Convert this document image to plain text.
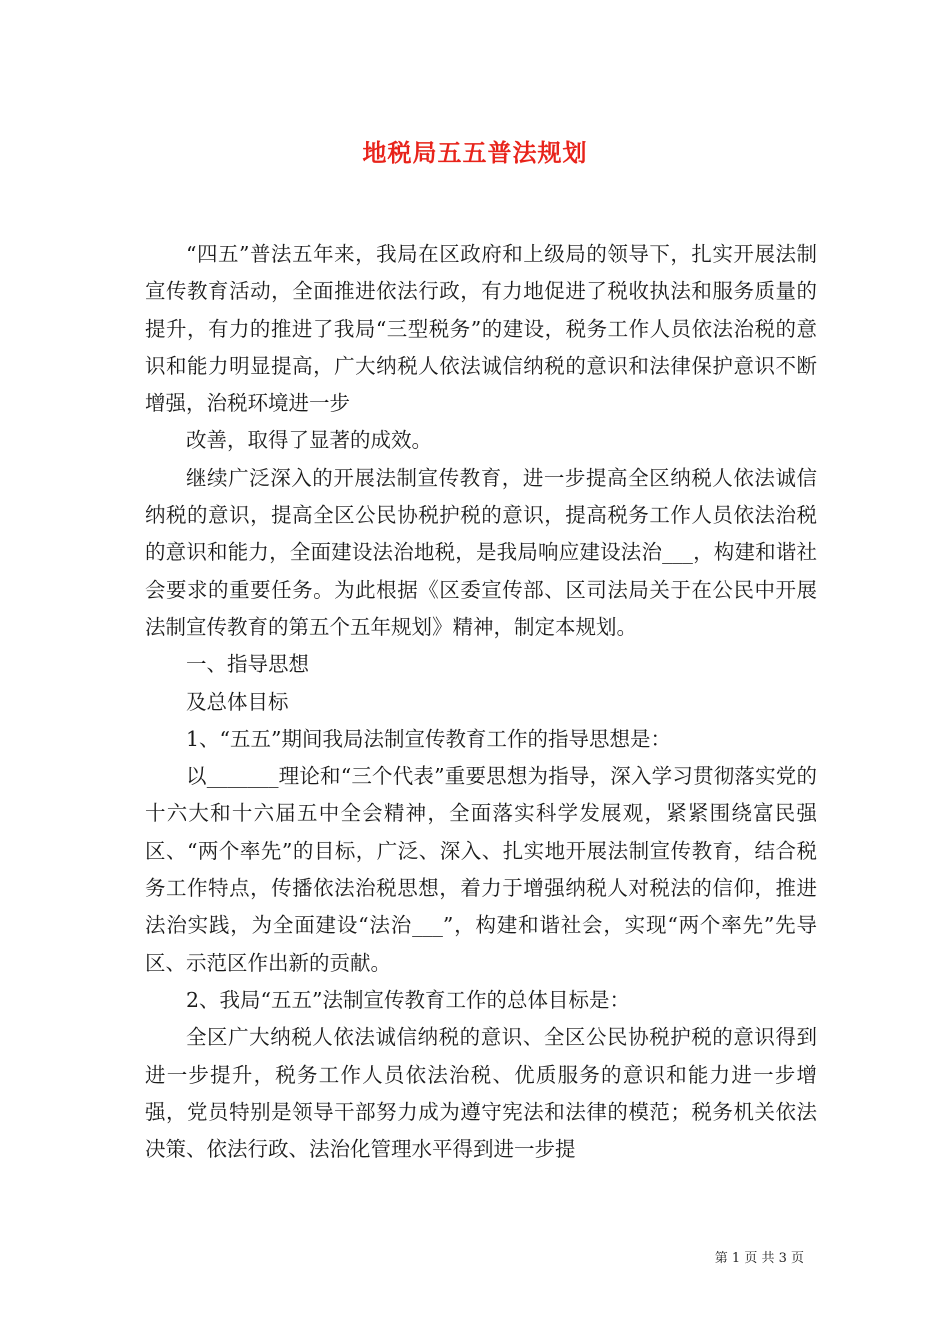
地税局五五普法规划

“四五”普法五年来，我局在区政府和上级局的领导下，扎实开展法制宣传教育活动，全面推进依法行政，有力地促进了税收执法和服务质量的提升，有力的推进了我局“三型税务”的建设，税务工作人员依法治税的意识和能力明显提高，广大纳税人依法诚信纳税的意识和法律保护意识不断增强，治税环境进一步

改善，取得了显著的成效。

继续广泛深入的开展法制宣传教育，进一步提高全区纳税人依法诚信纳税的意识，提高全区公民协税护税的意识，提高税务工作人员依法治税的意识和能力，全面建设法治地税，是我局响应建设法治___，构建和谐社会要求的重要任务。为此根据《区委宣传部、区司法局关于在公民中开展法制宣传教育的第五个五年规划》精神，制定本规划。

一、指导思想

及总体目标

1、“五五”期间我局法制宣传教育工作的指导思想是：

以_______理论和“三个代表”重要思想为指导，深入学习贯彻落实党的十六大和十六届五中全会精神，全面落实科学发展观，紧紧围绕富民强区、“两个率先”的目标，广泛、深入、扎实地开展法制宣传教育，结合税务工作特点，传播依法治税思想，着力于增强纳税人对税法的信仰，推进法治实践，为全面建设“法治___”，构建和谐社会，实现“两个率先”先导区、示范区作出新的贡献。

2、我局“五五”法制宣传教育工作的总体目标是：

全区广大纳税人依法诚信纳税的意识、全区公民协税护税的意识得到进一步提升，税务工作人员依法治税、优质服务的意识和能力进一步增强，党员特别是领导干部努力成为遵守宪法和法律的模范；税务机关依法决策、依法行政、法治化管理水平得到进一步提

第 1 页 共 3 页
